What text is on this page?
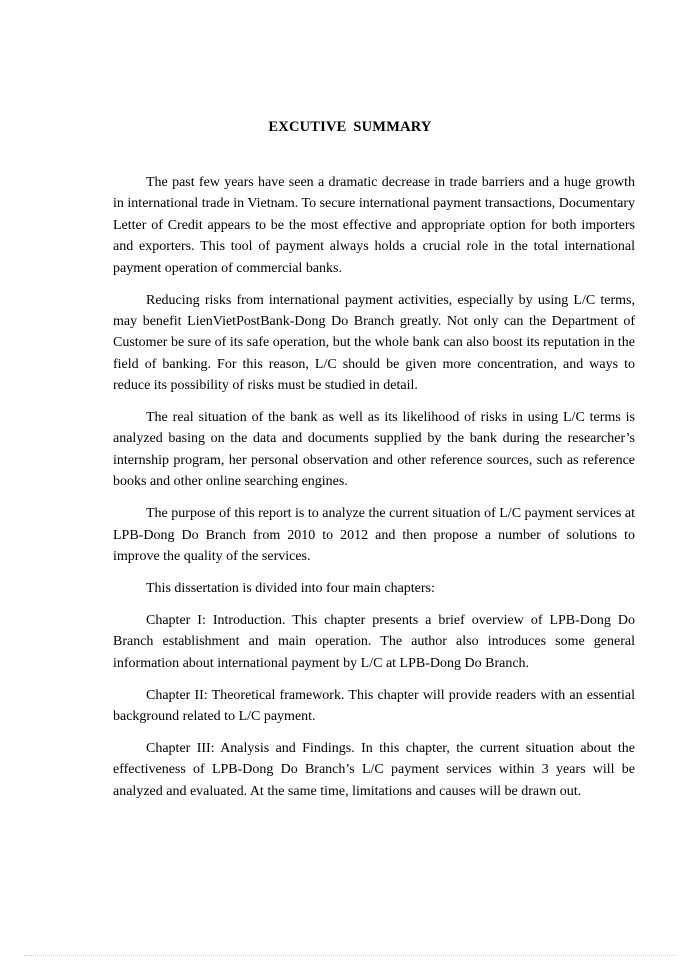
EXCUTIVE SUMMARY

The past few years have seen a dramatic decrease in trade barriers and a huge growth in international trade in Vietnam. To secure international payment transactions, Documentary Letter of Credit appears to be the most effective and appropriate option for both importers and exporters. This tool of payment always holds a crucial role in the total international payment operation of commercial banks.

Reducing risks from international payment activities, especially by using L/C terms, may benefit LienVietPostBank-Dong Do Branch greatly. Not only can the Department of Customer be sure of its safe operation, but the whole bank can also boost its reputation in the field of banking. For this reason, L/C should be given more concentration, and ways to reduce its possibility of risks must be studied in detail.

The real situation of the bank as well as its likelihood of risks in using L/C terms is analyzed basing on the data and documents supplied by the bank during the researcher’s internship program, her personal observation and other reference sources, such as reference books and other online searching engines.

The purpose of this report is to analyze the current situation of L/C payment services at LPB-Dong Do Branch from 2010 to 2012 and then propose a number of solutions to improve the quality of the services.

This dissertation is divided into four main chapters:

Chapter I: Introduction. This chapter presents a brief overview of LPB-Dong Do Branch establishment and main operation. The author also introduces some general information about international payment by L/C at LPB-Dong Do Branch.

Chapter II: Theoretical framework. This chapter will provide readers with an essential background related to L/C payment.

Chapter III: Analysis and Findings. In this chapter, the current situation about the effectiveness of LPB-Dong Do Branch’s L/C payment services within 3 years will be analyzed and evaluated. At the same time, limitations and causes will be drawn out.
